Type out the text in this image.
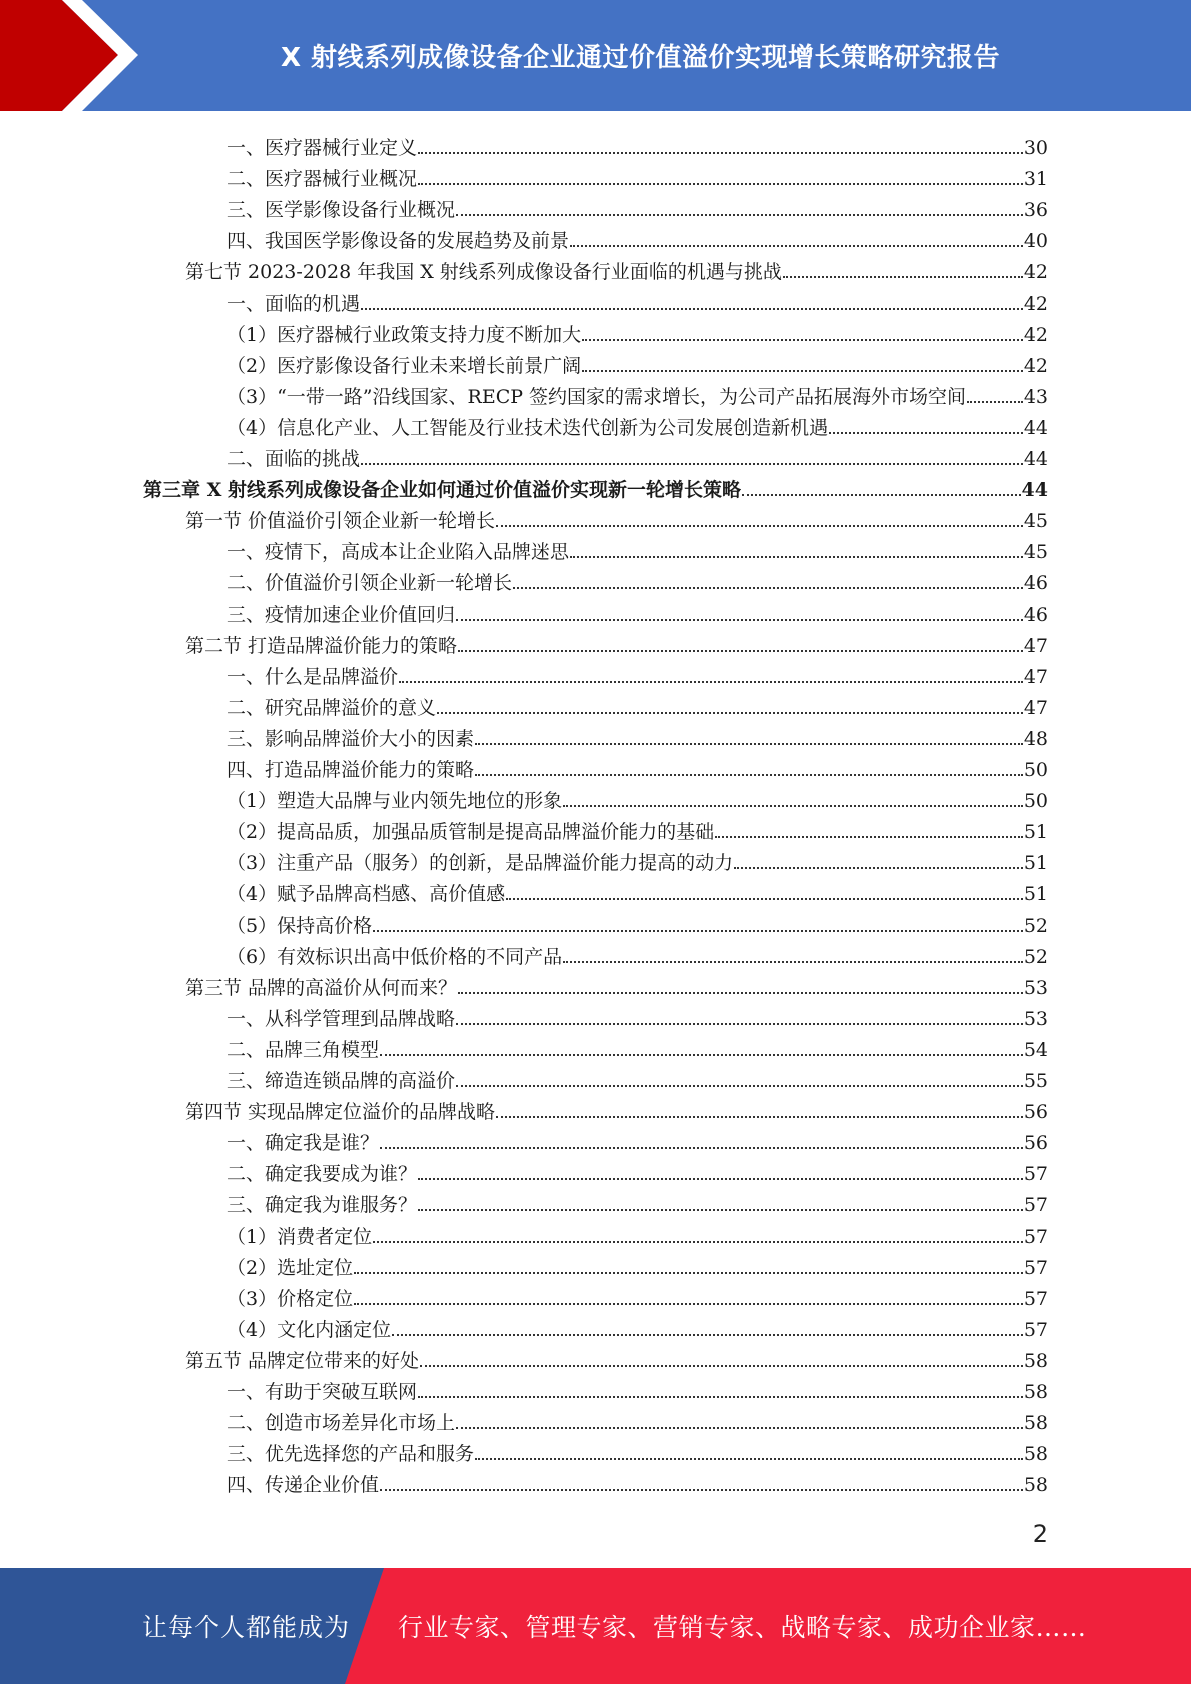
X 射线系列成像设备企业通过价值溢价实现增长策略研究报告
一、医疗器械行业定义	30
二、医疗器械行业概况	31
三、医学影像设备行业概况	36
四、我国医学影像设备的发展趋势及前景	40
第七节 2023-2028 年我国 X 射线系列成像设备行业面临的机遇与挑战	42
一、面临的机遇	42
（1）医疗器械行业政策支持力度不断加大	42
（2）医疗影像设备行业未来增长前景广阔	42
（3）“一带一路”沿线国家、RECP 签约国家的需求增长，为公司产品拓展海外市场空间	43
（4）信息化产业、人工智能及行业技术迭代创新为公司发展创造新机遇	44
二、面临的挑战	44
第三章 X 射线系列成像设备企业如何通过价值溢价实现新一轮增长策略	44
第一节 价值溢价引领企业新一轮增长	45
一、疫情下，高成本让企业陷入品牌迷思	45
二、价值溢价引领企业新一轮增长	46
三、疫情加速企业价值回归	46
第二节 打造品牌溢价能力的策略	47
一、什么是品牌溢价	47
二、研究品牌溢价的意义	47
三、影响品牌溢价大小的因素	48
四、打造品牌溢价能力的策略	50
（1）塑造大品牌与业内领先地位的形象	50
（2）提高品质，加强品质管制是提高品牌溢价能力的基础	51
（3）注重产品（服务）的创新，是品牌溢价能力提高的动力	51
（4）赋予品牌高档感、高价值感	51
（5）保持高价格	52
（6）有效标识出高中低价格的不同产品	52
第三节 品牌的高溢价从何而来？	53
一、从科学管理到品牌战略	53
二、品牌三角模型	54
三、缔造连锁品牌的高溢价	55
第四节 实现品牌定位溢价的品牌战略	56
一、确定我是谁？	56
二、确定我要成为谁？	57
三、确定我为谁服务？	57
（1）消费者定位	57
（2）选址定位	57
（3）价格定位	57
（4）文化内涵定位	57
第五节 品牌定位带来的好处	58
一、有助于突破互联网	58
二、创造市场差异化市场上	58
三、优先选择您的产品和服务	58
四、传递企业价值	58
2
让每个人都能成为 行业专家、管理专家、营销专家、战略专家、成功企业家……
